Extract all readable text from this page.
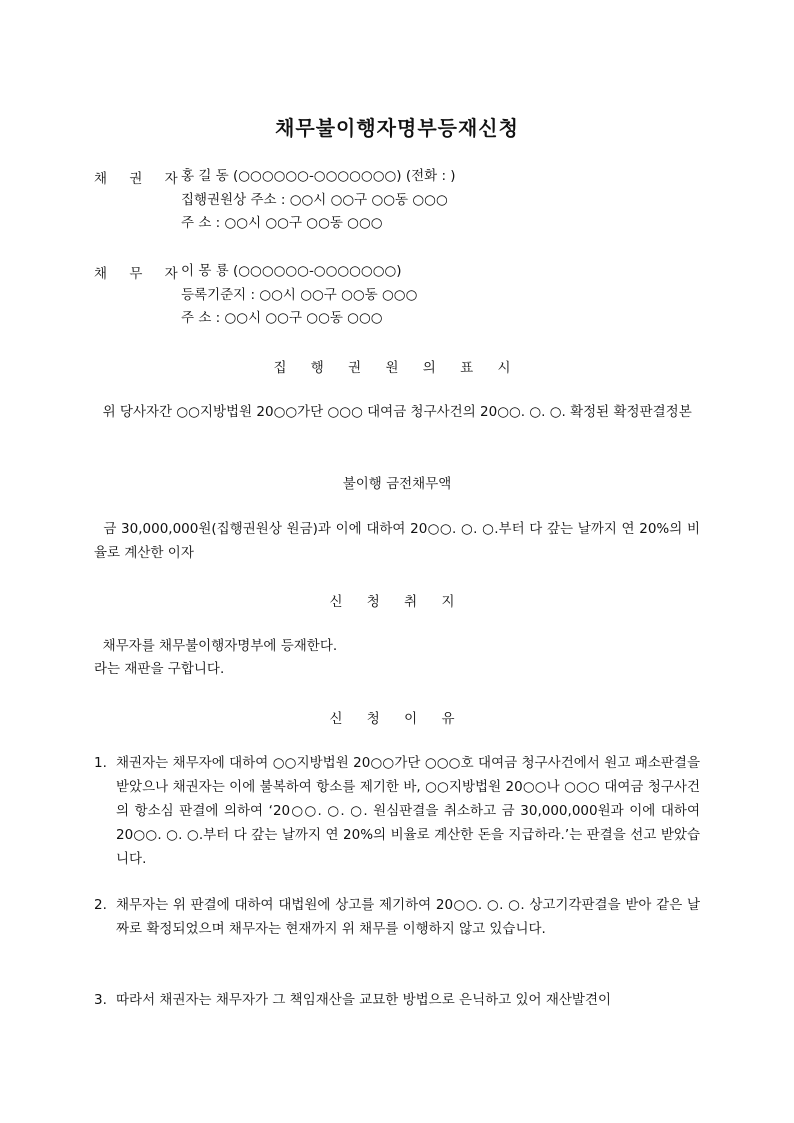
채무불이행자명부등재신청
채 권 자
홍 길 동 (○○○○○○-○○○○○○○) (전화 : )
집행권원상 주소 : ○○시 ○○구 ○○동 ○○○
주 소 : ○○시 ○○구 ○○동 ○○○
채 무 자
이 몽 룡 (○○○○○○-○○○○○○○)
등록기준지 : ○○시 ○○구 ○○동 ○○○
주 소 : ○○시 ○○구 ○○동 ○○○
집 행 권 원 의 표 시
위 당사자간 ○○지방법원 20○○가단 ○○○ 대여금 청구사건의 20○○. ○. ○. 확정된 확정판결정본
불이행 금전채무액
금 30,000,000원(집행권원상 원금)과 이에 대하여 20○○. ○. ○.부터 다 갚는 날까지 연 20%의 비율로 계산한 이자
신 청 취 지
채무자를 채무불이행자명부에 등재한다.
라는 재판을 구합니다.
신 청 이 유
1. 채권자는 채무자에 대하여 ○○지방법원 20○○가단 ○○○호 대여금 청구사건에서 원고 패소판결을 받았으나 채권자는 이에 불복하여 항소를 제기한 바, ○○지방법원 20○○나 ○○○ 대여금 청구사건의 항소심 판결에 의하여 ‘20○○. ○. ○. 원심판결을 취소하고 금 30,000,000원과 이에 대하여 20○○. ○. ○.부터 다 갚는 날까지 연 20%의 비율로 계산한 돈을 지급하라.’는 판결을 선고 받았습니다.
2. 채무자는 위 판결에 대하여 대법원에 상고를 제기하여 20○○. ○. ○. 상고기각판결을 받아 같은 날짜로 확정되었으며 채무자는 현재까지 위 채무를 이행하지 않고 있습니다.
3. 따라서 채권자는 채무자가 그 책임재산을 교묘한 방법으로 은닉하고 있어 재산발견이
